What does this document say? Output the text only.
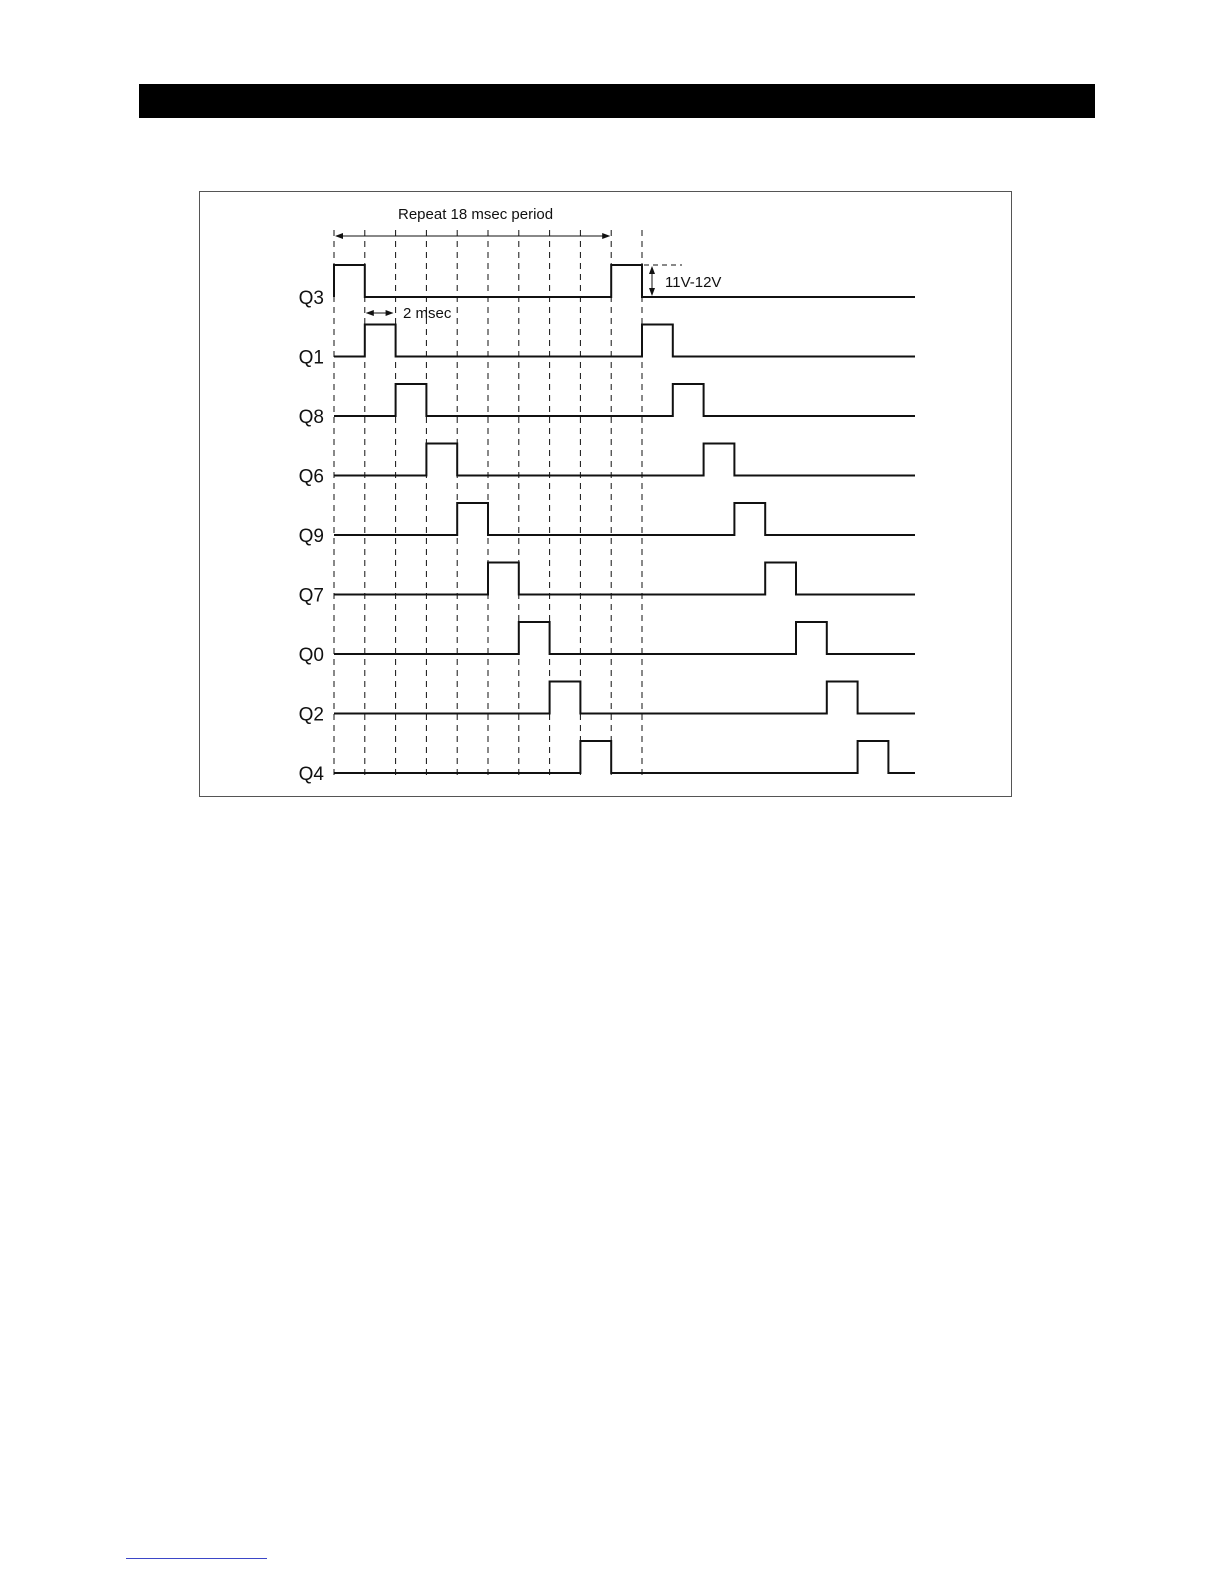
Repeat 18 msec period
2 msec
11V-12V
Q3
Q1
Q8
Q6
Q9
Q7
Q0
Q2
Q4
